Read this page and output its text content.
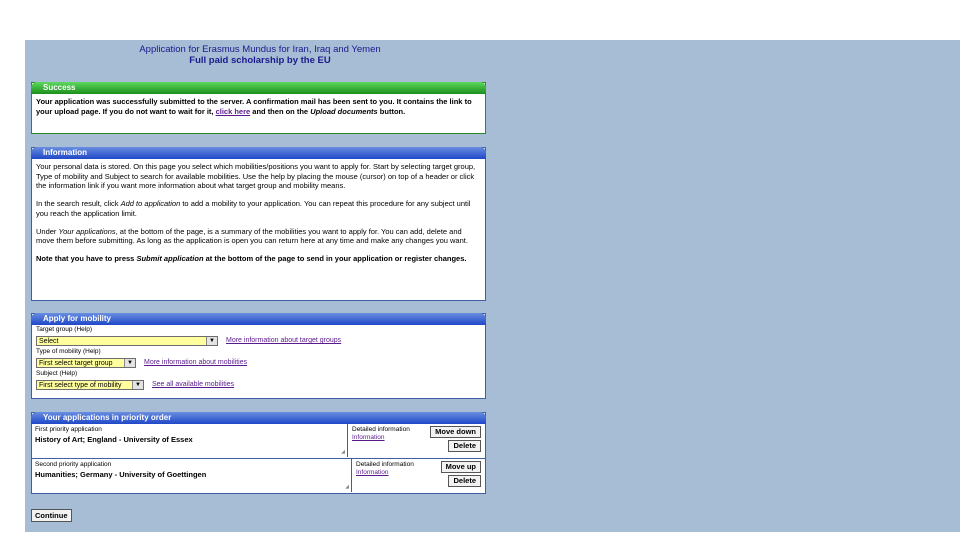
Application for Erasmus Mundus for Iran, Iraq and Yemen
Full paid scholarship by the EU
Success
Your application was successfully submitted to the server. A confirmation mail has been sent to you. It contains the link to your upload page. If you do not want to wait for it, click here and then on the Upload documents button.
Information

Your personal data is stored. On this page you select which mobilities/positions you want to apply for. Start by selecting target group, Type of mobility and Subject to search for available mobilities. Use the help by placing the mouse (cursor) on top of a header or click the information link if you want more information about what target group and mobility means.

In the search result, click Add to application to add a mobility to your application. You can repeat this procedure for any subject until you reach the application limit.

Under Your applications, at the bottom of the page, is a summary of the mobilities you want to apply for. You can add, delete and move them before submitting. As long as the application is open you can return here at any time and make any changes you want.

Note that you have to press Submit application at the bottom of the page to send in your application or register changes.

Apply for mobility
Target group (Help)
Select	▼ More information about target groups
Type of mobility (Help)
First select target group	▼ More information about mobilities
Subject (Help)
First select type of mobility	▼ See all available mobilities
Your applications in priority order
First priority application
History of Art; England - University of Essex
◢
Detailed information
Information
Move down
Delete
Second priority application
Humanities; Germany - University of Goettingen
◢
Detailed information
Information
Move up
Delete
Continue
